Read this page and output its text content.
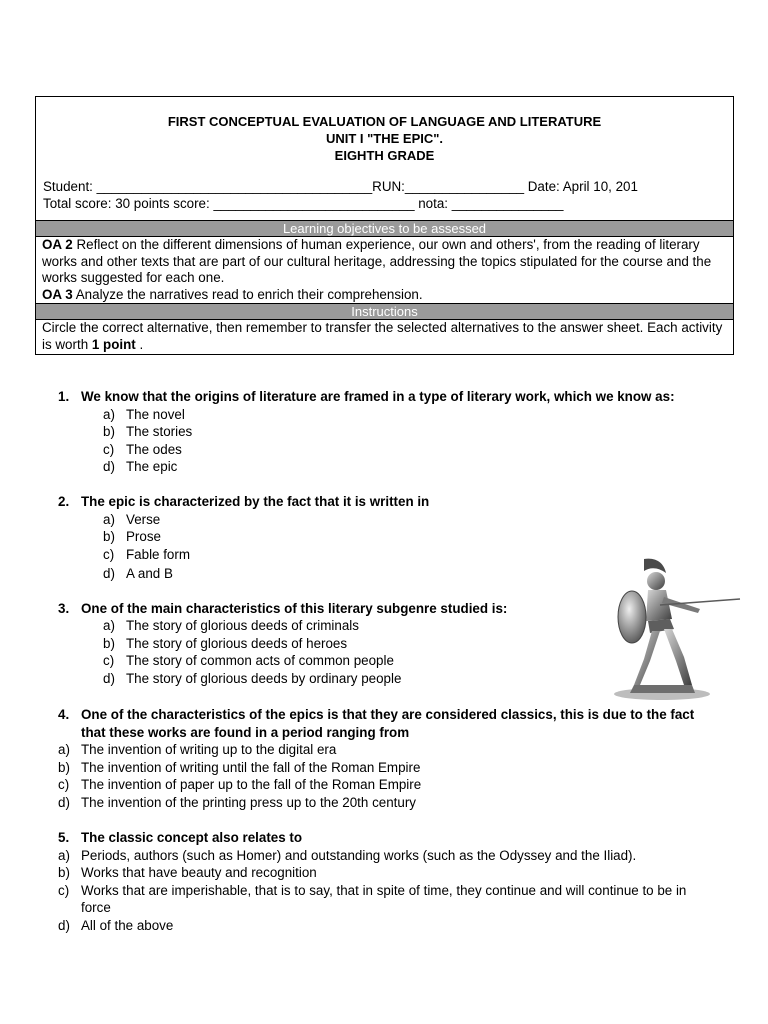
FIRST CONCEPTUAL EVALUATION OF LANGUAGE AND LITERATURE
UNIT I "THE EPIC".
EIGHTH GRADE
Student: _____________________________________RUN:________________ Date: April 10, 201
Total score: 30 points score: ___________________________ nota: _______________
Learning objectives to be assessed
OA 2 Reflect on the different dimensions of human experience, our own and others', from the reading of literary works and other texts that are part of our cultural heritage, addressing the topics stipulated for the course and the works suggested for each one.
OA 3 Analyze the narratives read to enrich their comprehension.
Instructions
Circle the correct alternative, then remember to transfer the selected alternatives to the answer sheet. Each activity is worth 1 point .
1. We know that the origins of literature are framed in a type of literary work, which we know as:
a) The novel
b) The stories
c) The odes
d) The epic
2. The epic is characterized by the fact that it is written in
a) Verse
b) Prose
c) Fable form
d) A and B
3. One of the main characteristics of this literary subgenre studied is:
a) The story of glorious deeds of criminals
b) The story of glorious deeds of heroes
c) The story of common acts of common people
d) The story of glorious deeds by ordinary people
4. One of the characteristics of the epics is that they are considered classics, this is due to the fact
that these works are found in a period ranging from
a) The invention of writing up to the digital era
b) The invention of writing until the fall of the Roman Empire
c) The invention of paper up to the fall of the Roman Empire
d) The invention of the printing press up to the 20th century
5. The classic concept also relates to
a) Periods, authors (such as Homer) and outstanding works (such as the Odyssey and the Iliad).
b) Works that have beauty and recognition
c) Works that are imperishable, that is to say, that in spite of time, they continue and will continue to be in
force
d) All of the above
